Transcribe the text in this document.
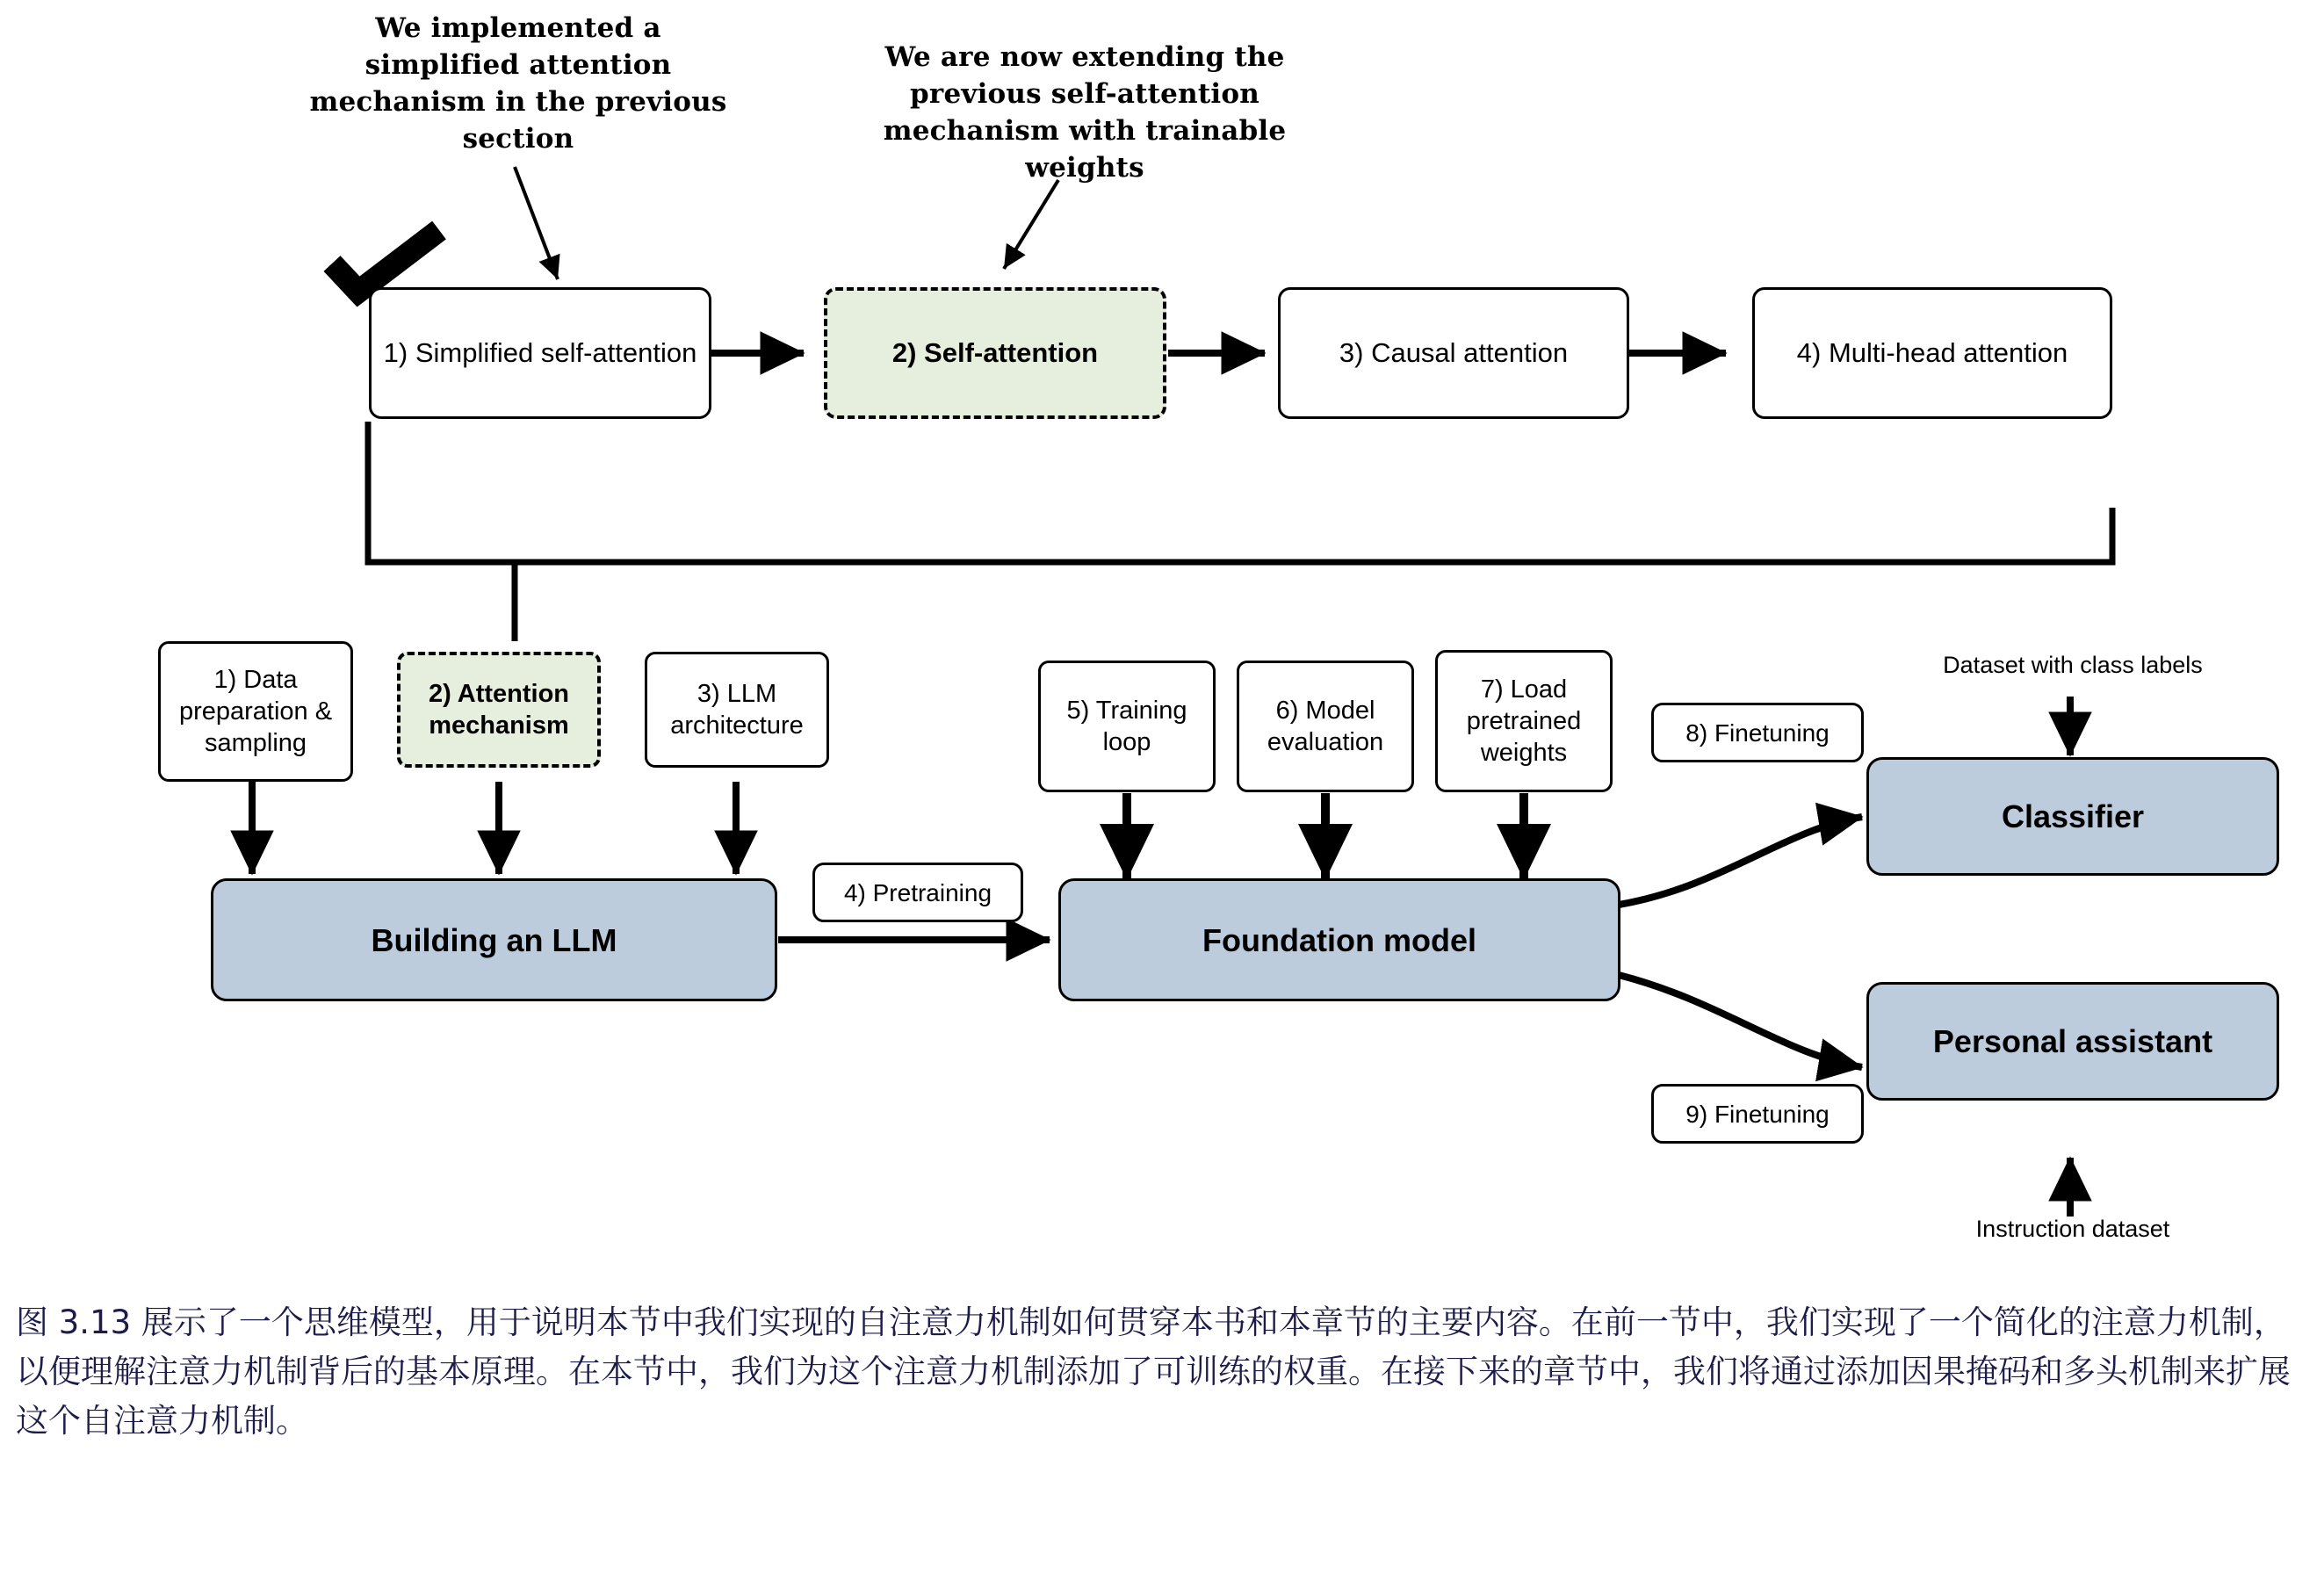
We implemented a simplified attention mechanism in the previous section
We are now extending the previous self-attention mechanism with trainable weights
1) Simplified self-attention	2) Self-attention	3) Causal attention	4) Multi-head attention
1) Data preparation & sampling
2) Attention mechanism
3) LLM architecture
5) Training loop
6) Model evaluation
7) Load pretrained weights
4) Pretraining
8) Finetuning
9) Finetuning
Building an LLM	Foundation model
Classifier
Personal assistant
Dataset with class labels
Instruction dataset

图 3.13 展示了一个思维模型，用于说明本节中我们实现的自注意力机制如何贯穿本书和本章节的主要内容。在前一节中，我们实现了一个简化的注意力机制，以便理解注意力机制背后的基本原理。在本节中，我们为这个注意力机制添加了可训练的权重。在接下来的章节中，我们将通过添加因果掩码和多头机制来扩展这个自注意力机制。
